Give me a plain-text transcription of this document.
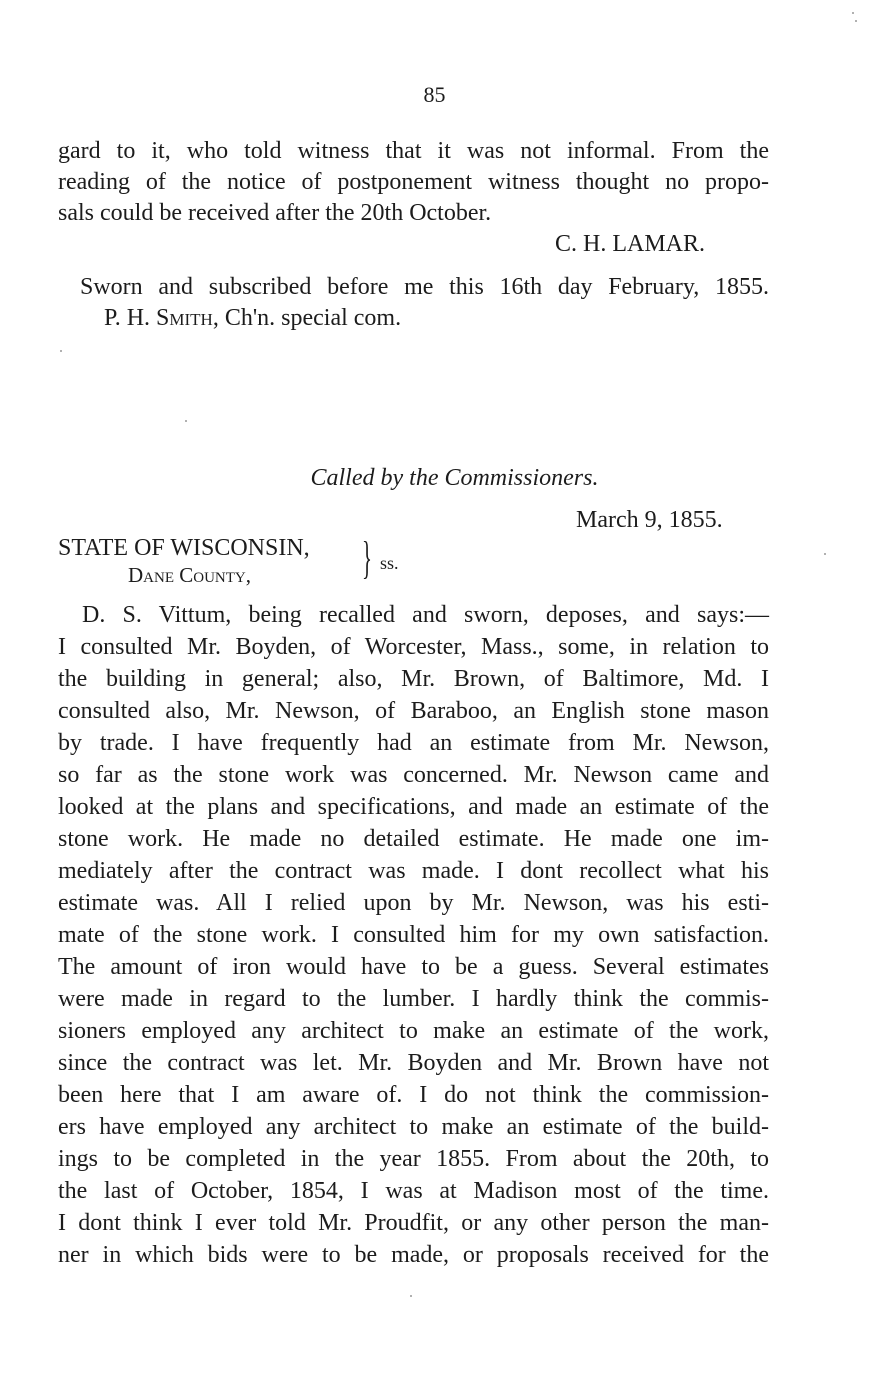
85
gard to it, who told witness that it was not informal. From the
reading of the notice of postponement witness thought no propo-
sals could be received after the 20th October.
C. H. LAMAR.
Sworn and subscribed before me this 16th day February, 1855.
P. H. Smith, Ch'n. special com.
Called by the Commissioners.
March 9, 1855.
STATE OF WISCONSIN,
Dane County, } ss.
D. S. Vittum, being recalled and sworn, deposes, and says:—
I consulted Mr. Boyden, of Worcester, Mass., some, in relation to
the building in general; also, Mr. Brown, of Baltimore, Md. I
consulted also, Mr. Newson, of Baraboo, an English stone mason
by trade. I have frequently had an estimate from Mr. Newson,
so far as the stone work was concerned. Mr. Newson came and
looked at the plans and specifications, and made an estimate of the
stone work. He made no detailed estimate. He made one im-
mediately after the contract was made. I dont recollect what his
estimate was. All I relied upon by Mr. Newson, was his esti-
mate of the stone work. I consulted him for my own satisfaction.
The amount of iron would have to be a guess. Several estimates
were made in regard to the lumber. I hardly think the commis-
sioners employed any architect to make an estimate of the work,
since the contract was let. Mr. Boyden and Mr. Brown have not
been here that I am aware of. I do not think the commission-
ers have employed any architect to make an estimate of the build-
ings to be completed in the year 1855. From about the 20th, to
the last of October, 1854, I was at Madison most of the time.
I dont think I ever told Mr. Proudfit, or any other person the man-
ner in which bids were to be made, or proposals received for the
